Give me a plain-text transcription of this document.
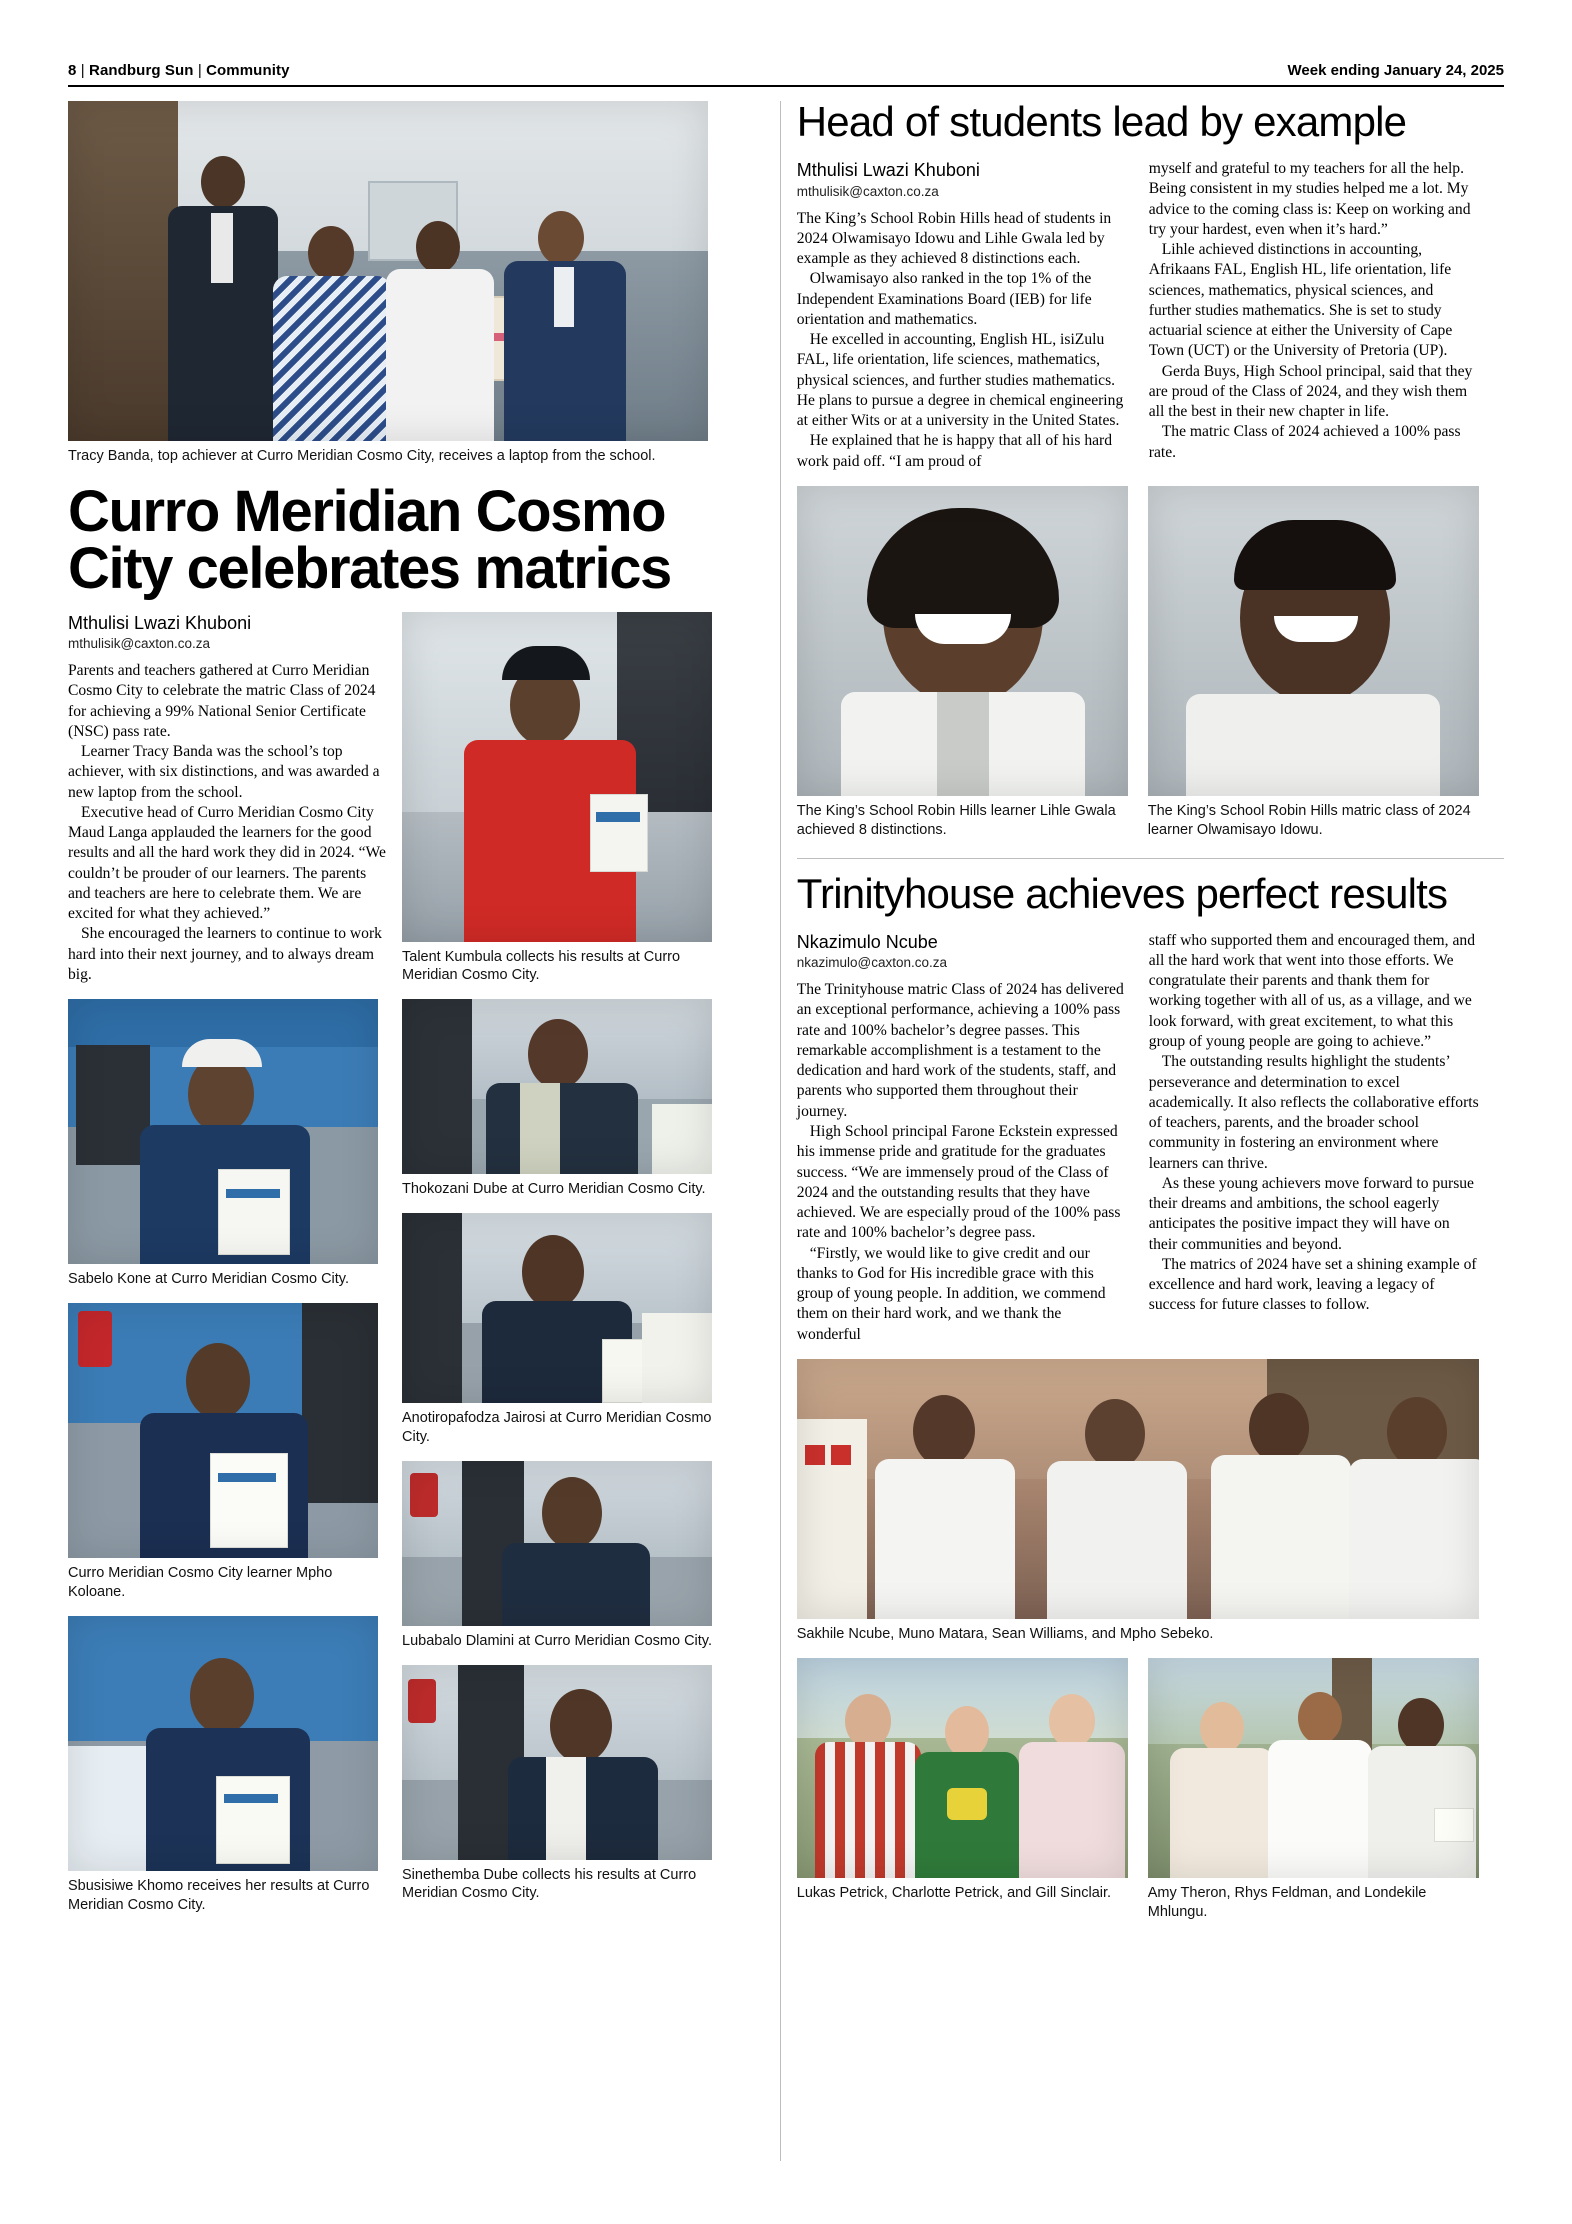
8 | Randburg Sun | Community	Week ending January 24, 2025
Tracy Banda, top achiever at Curro Meridian Cosmo City, receives a laptop from the school.
Curro Meridian Cosmo City celebrates matrics
Mthulisi Lwazi Khuboni
mthulisik@caxton.co.za

Parents and teachers gathered at Curro Meridian Cosmo City to celebrate the matric Class of 2024 for achieving a 99% National Senior Certificate (NSC) pass rate.

Learner Tracy Banda was the school’s top achiever, with six distinctions, and was awarded a new laptop from the school.

Executive head of Curro Meridian Cosmo City Maud Langa applauded the learners for the good results and all the hard work they did in 2024. “We couldn’t be prouder of our learners. The parents and teachers are here to celebrate them. We are excited for what they achieved.”

She encouraged the learners to continue to work hard into their next journey, and to always dream big.

Talent Kumbula collects his results at Curro Meridian Cosmo City.
Sabelo Kone at Curro Meridian Cosmo City.
Curro Meridian Cosmo City learner Mpho Koloane.
Sbusisiwe Khomo receives her results at Curro Meridian Cosmo City.
Thokozani Dube at Curro Meridian Cosmo City.
Anotiropafodza Jairosi at Curro Meridian Cosmo City.
Lubabalo Dlamini at Curro Meridian Cosmo City.
Sinethemba Dube collects his results at Curro Meridian Cosmo City.
Head of students lead by example
Mthulisi Lwazi Khuboni
mthulisik@caxton.co.za

The King’s School Robin Hills head of students in 2024 Olwamisayo Idowu and Lihle Gwala led by example as they achieved 8 distinctions each.

Olwamisayo also ranked in the top 1% of the Independent Examinations Board (IEB) for life orientation and mathematics.

He excelled in accounting, English HL, isiZulu FAL, life orientation, life sciences, mathematics, physical sciences, and further studies mathematics. He plans to pursue a degree in chemical engineering at either Wits or at a university in the United States.

He explained that he is happy that all of his hard work paid off. “I am proud of

myself and grateful to my teachers for all the help. Being consistent in my studies helped me a lot. My advice to the coming class is: Keep on working and try your hardest, even when it’s hard.”

Lihle achieved distinctions in accounting, Afrikaans FAL, English HL, life orientation, life sciences, mathematics, physical sciences, and further studies mathematics. She is set to study actuarial science at either the University of Cape Town (UCT) or the University of Pretoria (UP).

Gerda Buys, High School principal, said that they are proud of the Class of 2024, and they wish them all the best in their new chapter in life.

The matric Class of 2024 achieved a 100% pass rate.

The King’s School Robin Hills learner Lihle Gwala achieved 8 distinctions.
The King’s School Robin Hills matric class of 2024 learner Olwamisayo Idowu.
Trinityhouse achieves perfect results
Nkazimulo Ncube
nkazimulo@caxton.co.za

The Trinityhouse matric Class of 2024 has delivered an exceptional performance, achieving a 100% pass rate and 100% bachelor’s degree passes. This remarkable accomplishment is a testament to the dedication and hard work of the students, staff, and parents who supported them throughout their journey.

High School principal Farone Eckstein expressed his immense pride and gratitude for the graduates success. “We are immensely proud of the Class of 2024 and the outstanding results that they have achieved. We are especially proud of the 100% pass rate and 100% bachelor’s degree pass.

“Firstly, we would like to give credit and our thanks to God for His incredible grace with this group of young people. In addition, we commend them on their hard work, and we thank the wonderful

staff who supported them and encouraged them, and all the hard work that went into those efforts. We congratulate their parents and thank them for working together with all of us, as a village, and we look forward, with great excitement, to what this group of young people are going to achieve.”

The outstanding results highlight the students’ perseverance and determination to excel academically. It also reflects the collaborative efforts of teachers, parents, and the broader school community in fostering an environment where learners can thrive.

As these young achievers move forward to pursue their dreams and ambitions, the school eagerly anticipates the positive impact they will have on their communities and beyond.

The matrics of 2024 have set a shining example of excellence and hard work, leaving a legacy of success for future classes to follow.

Sakhile Ncube, Muno Matara, Sean Williams, and Mpho Sebeko.
Lukas Petrick, Charlotte Petrick, and Gill Sinclair.	Amy Theron, Rhys Feldman, and Londekile Mhlungu.
